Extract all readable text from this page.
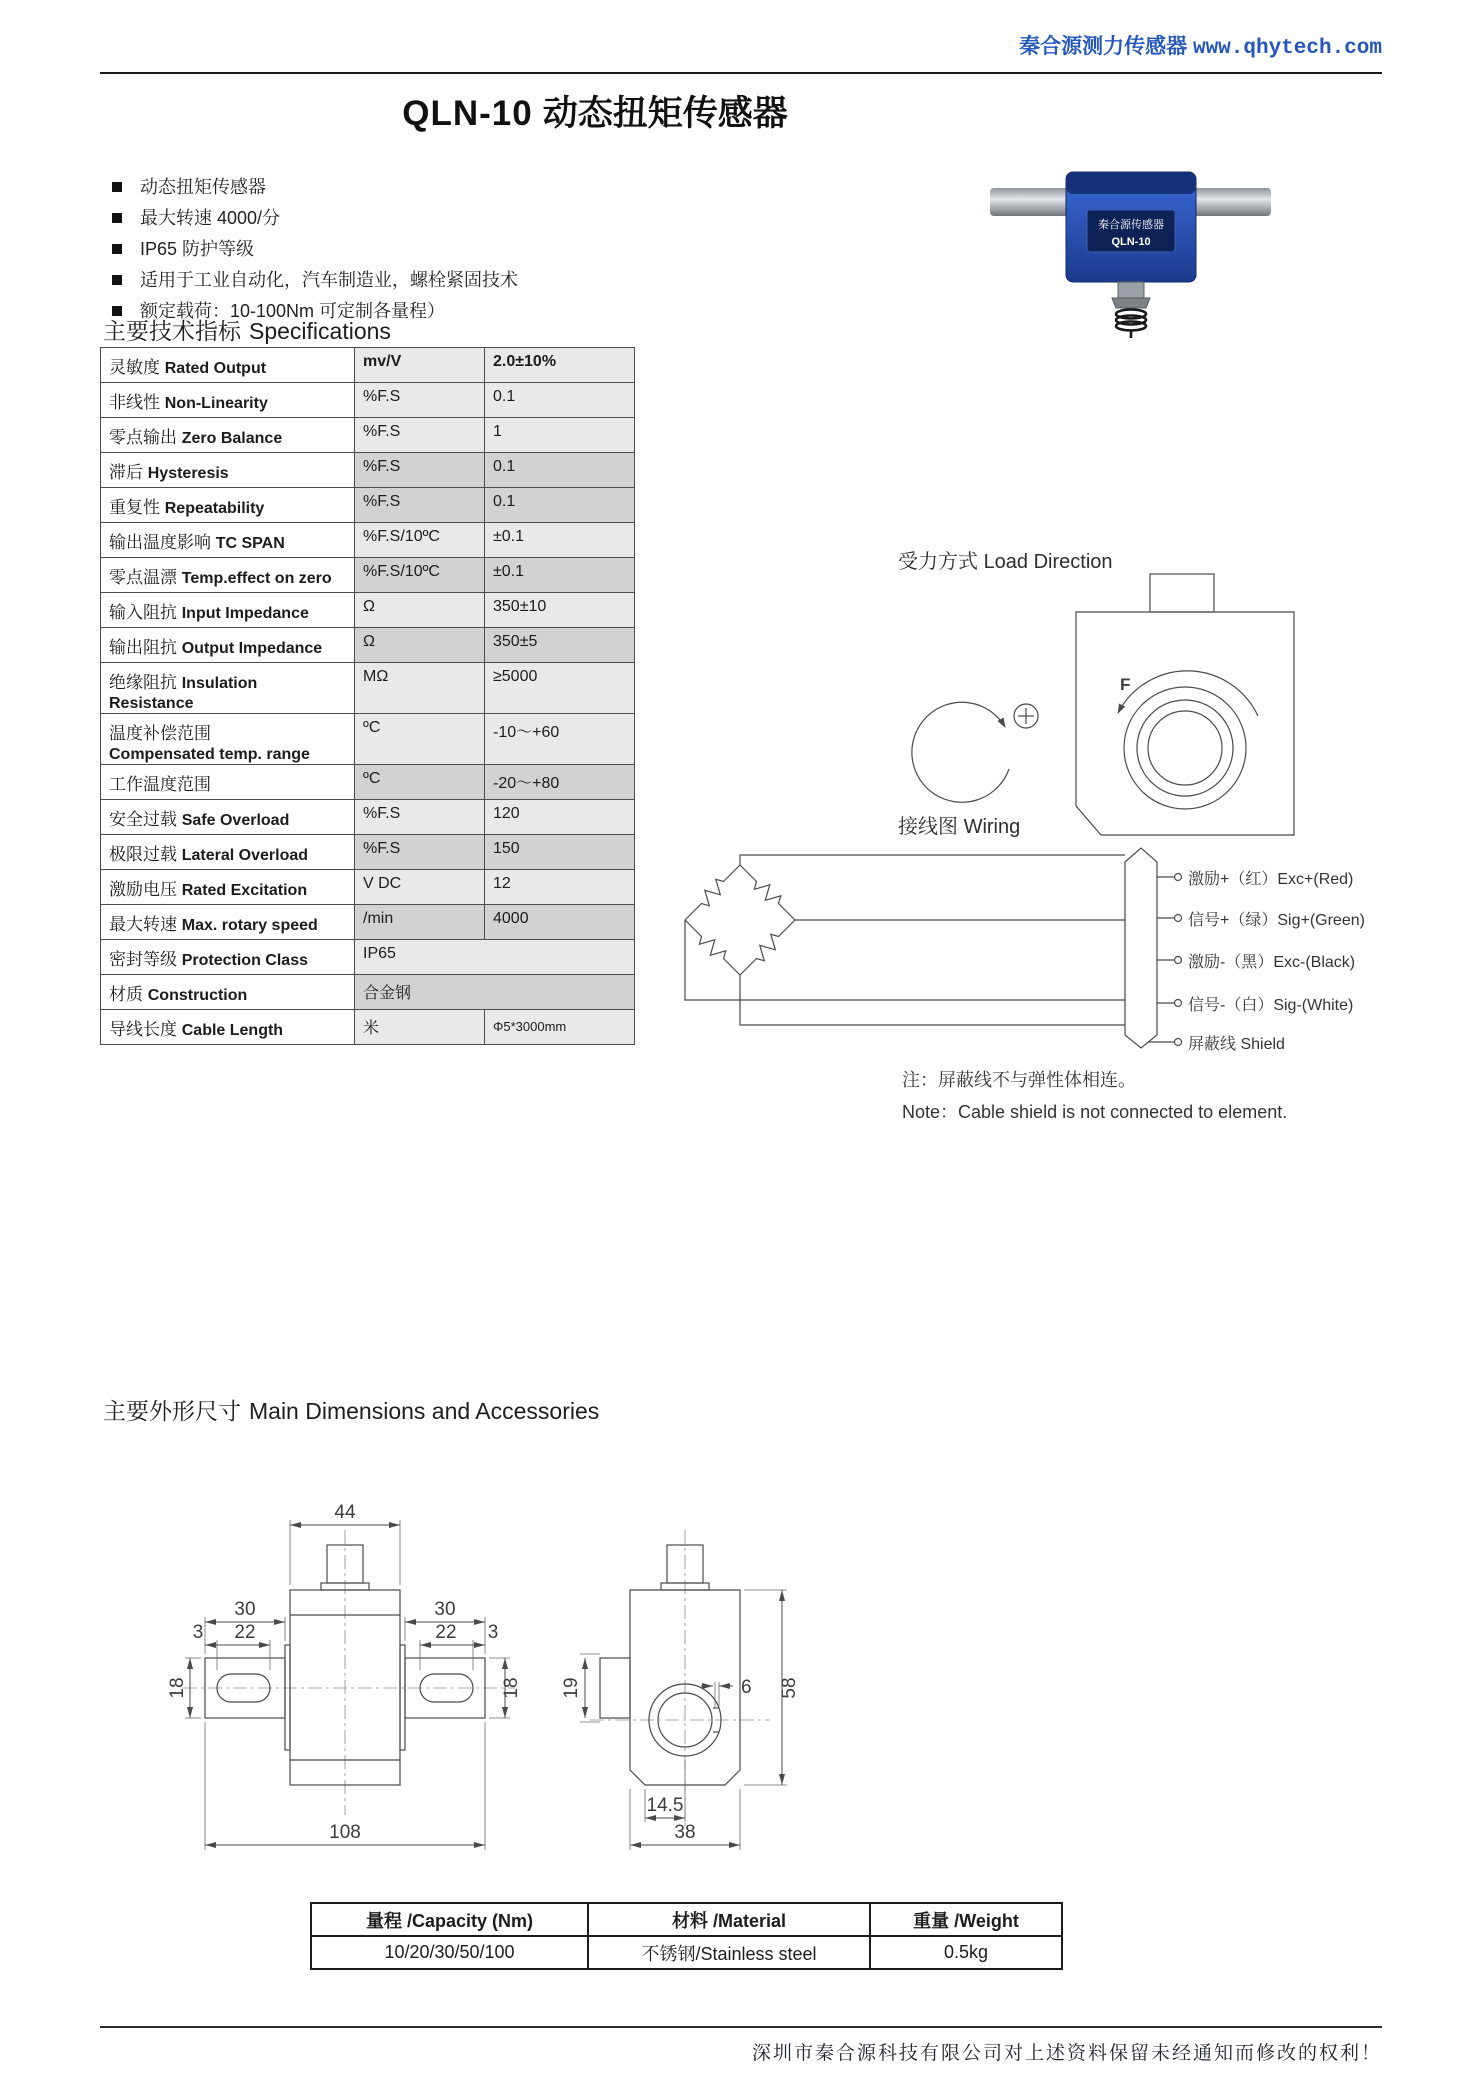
秦合源测力传感器 www.qhytech.com
QLN-10 动态扭矩传感器
动态扭矩传感器
最大转速 4000/分
IP65 防护等级
适用于工业自动化，汽车制造业，螺栓紧固技术
额定载荷：10-100Nm 可定制各量程）
秦合源传感器
QLN-10
主要技术指标 Specifications
灵敏度 Rated Output	mv/V	2.0±10%
非线性 Non-Linearity	%F.S	0.1
零点输出 Zero Balance	%F.S	1
滞后 Hysteresis	%F.S	0.1
重复性 Repeatability	%F.S	0.1
输出温度影响 TC SPAN	%F.S/10ºC	±0.1
零点温漂 Temp.effect on zero	%F.S/10ºC	±0.1
输入阻抗 Input Impedance	Ω	350±10
输出阻抗 Output Impedance	Ω	350±5
绝缘阻抗 Insulation Resistance	MΩ	≥5000
温度补偿范围
Compensated temp. range	ºC	-10～+60
工作温度范围	ºC	-20～+80
安全过载 Safe Overload	%F.S	120
极限过载 Lateral Overload	%F.S	150
激励电压 Rated Excitation	V DC	12
最大转速 Max. rotary speed	/min	4000
密封等级 Protection Class	IP65	
材质 Construction	合金钢	
导线长度 Cable Length	米	Φ5*3000mm
受力方式 Load Direction
F
接线图 Wiring
激励+（红）Exc+(Red)
信号+（绿）Sig+(Green)
激励-（黑）Exc-(Black)
信号-（白）Sig-(White)
屏蔽线 Shield
注：屏蔽线不与弹性体相连。
Note：Cable shield is not connected to element.
主要外形尺寸 Main Dimensions and Accessories
44
30
3 22
18
30
22 3
18
108
19	58
6
14.5
38
量程 /Capacity (Nm)	材料 /Material	重量 /Weight
10/20/30/50/100	不锈钢/Stainless steel	0.5kg
深圳市秦合源科技有限公司对上述资料保留未经通知而修改的权利！
